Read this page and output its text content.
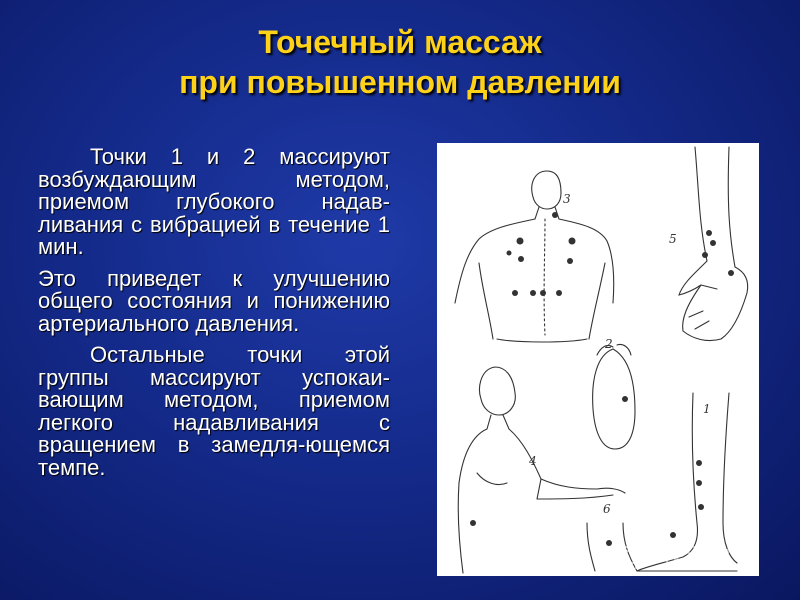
Точечный массаж
при повышенном давлении

Точки 1 и 2 массируют возбуждающим методом, приемом глубокого надав-ливания с вибрацией в течение 1 мин.

Это приведет к улучшению общего состояния и понижению артериального давления.

Остальные точки этой группы массируют успокаи-вающим методом, приемом легкого надавливания с вращением в замедля-ющемся темпе.

3
5
2
4
1
6
MyShared
